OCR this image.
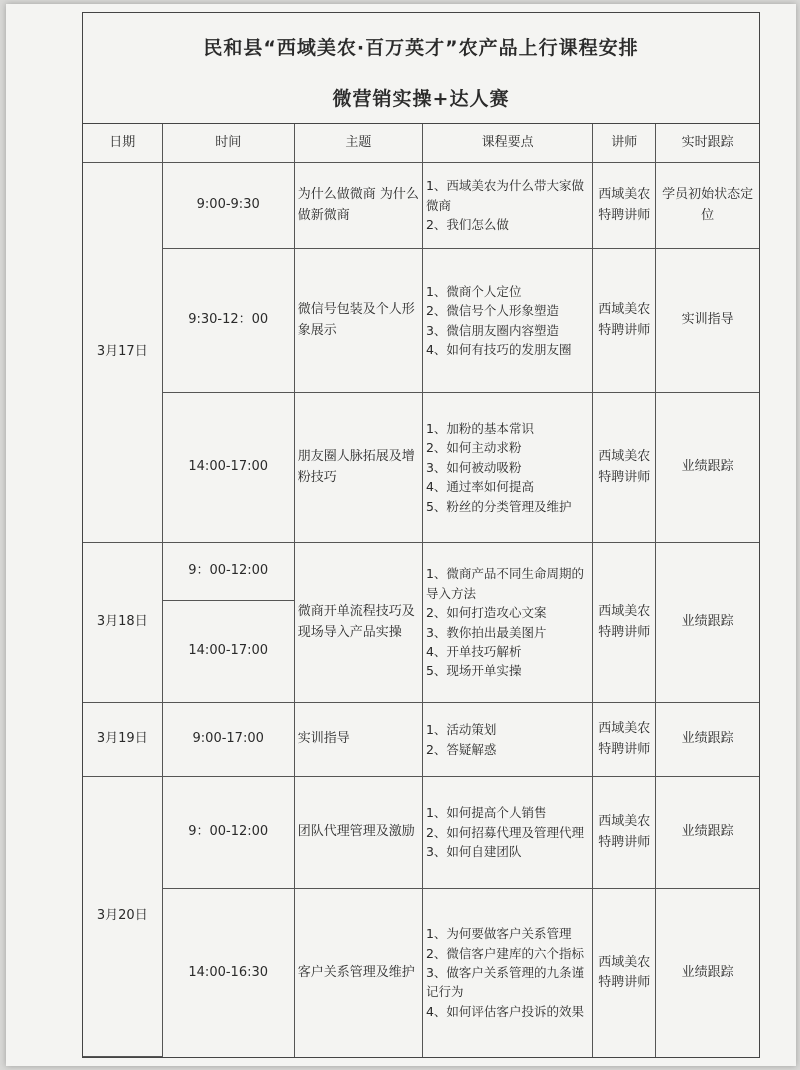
民和县“西域美农·百万英才”农产品上行课程安排
微营销实操+达人赛
日期	时间	主题	课程要点	讲师	实时跟踪
3月17日	9:00-9:30	为什么做微商 为什么做新微商	1、西域美农为什么带大家做微商
2、我们怎么做	西域美农特聘讲师	学员初始状态定位
	9:30-12：00	微信号包装及个人形象展示	1、微商个人定位
2、微信号个人形象塑造
3、微信朋友圈内容塑造
4、如何有技巧的发朋友圈	西域美农特聘讲师	实训指导
	14:00-17:00	朋友圈人脉拓展及增粉技巧	1、加粉的基本常识
2、如何主动求粉
3、如何被动吸粉
4、通过率如何提高
5、粉丝的分类管理及维护	西域美农特聘讲师	业绩跟踪
3月18日	9：00-12:00	微商开单流程技巧及现场导入产品实操	1、微商产品不同生命周期的导入方法
2、如何打造攻心文案
3、教你拍出最美图片
4、开单技巧解析
5、现场开单实操	西域美农特聘讲师	业绩跟踪
	14:00-17:00				
3月19日	9:00-17:00	实训指导	1、活动策划
2、答疑解惑	西域美农特聘讲师	业绩跟踪
3月20日	9：00-12:00	团队代理管理及激励	1、如何提高个人销售
2、如何招募代理及管理代理
3、如何自建团队	西域美农特聘讲师	业绩跟踪
	14:00-16:30	客户关系管理及维护	1、为何要做客户关系管理
2、微信客户建库的六个指标 3、做客户关系管理的九条谨记行为
4、如何评估客户投诉的效果	西域美农特聘讲师	业绩跟踪
